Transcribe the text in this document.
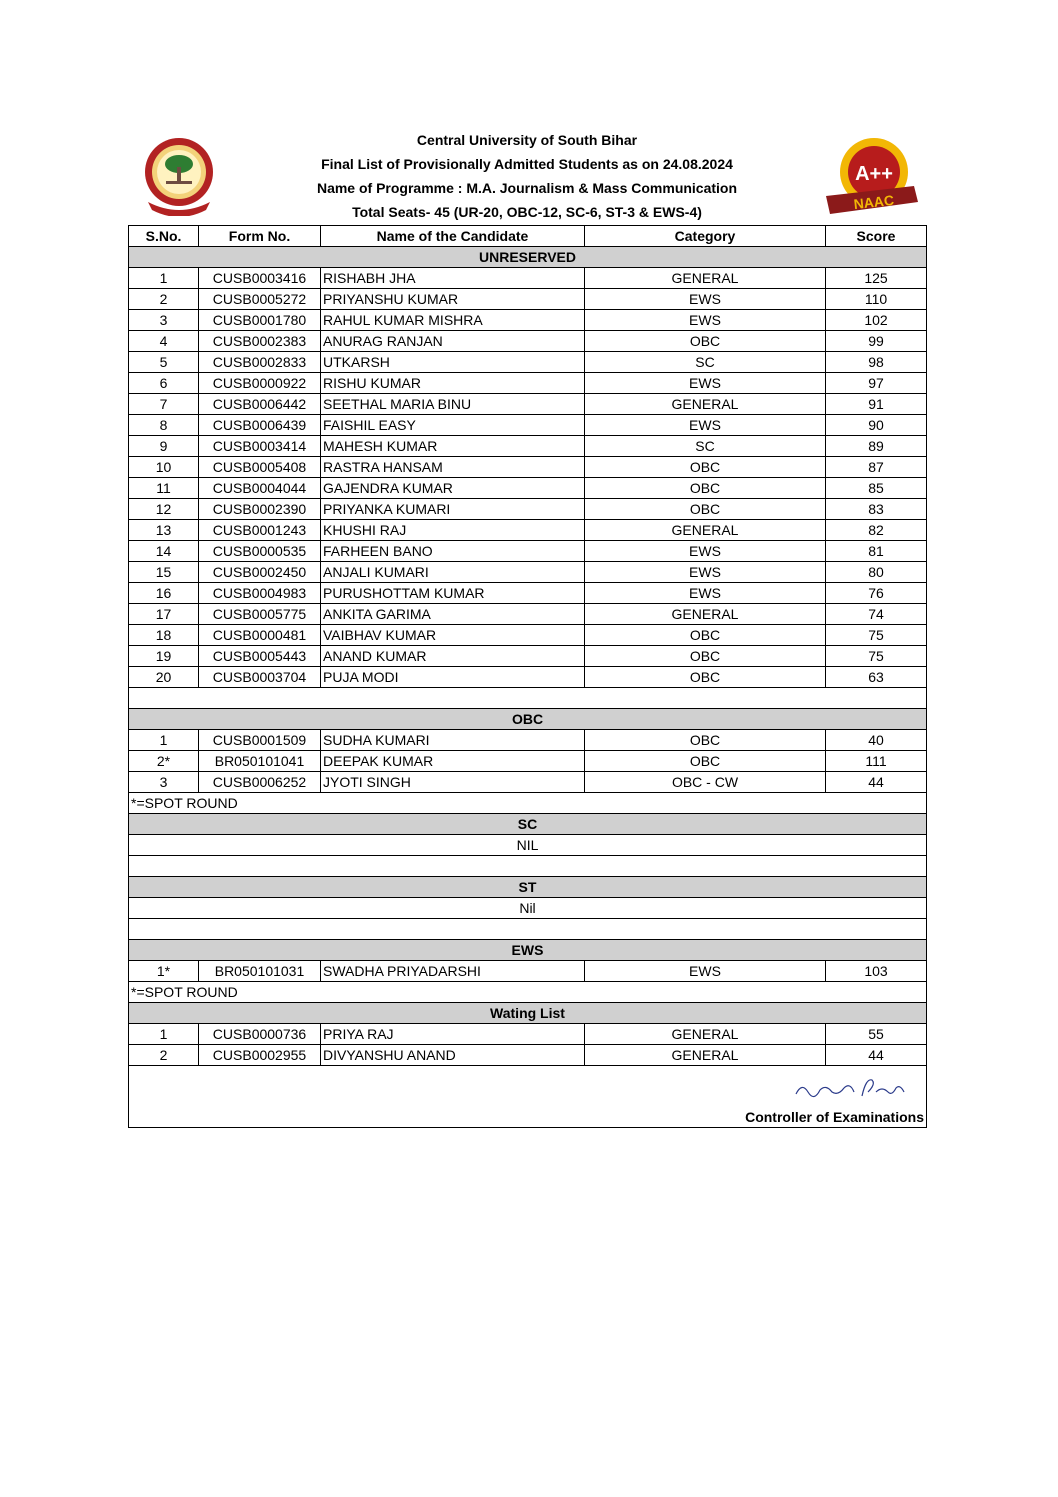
Central University of South Bihar
Final List of Provisionally Admitted Students as on 24.08.2024
Name of Programme : M.A. Journalism & Mass Communication
Total Seats- 45 (UR-20, OBC-12, SC-6, ST-3 & EWS-4)
A++
NAAC
S.No.	Form No.	Name of the Candidate	Category	Score
UNRESERVED				
1	CUSB0003416	RISHABH JHA	GENERAL	125
2	CUSB0005272	PRIYANSHU KUMAR	EWS	110
3	CUSB0001780	RAHUL KUMAR MISHRA	EWS	102
4	CUSB0002383	ANURAG RANJAN	OBC	99
5	CUSB0002833	UTKARSH	SC	98
6	CUSB0000922	RISHU KUMAR	EWS	97
7	CUSB0006442	SEETHAL MARIA BINU	GENERAL	91
8	CUSB0006439	FAISHIL EASY	EWS	90
9	CUSB0003414	MAHESH KUMAR	SC	89
10	CUSB0005408	RASTRA HANSAM	OBC	87
11	CUSB0004044	GAJENDRA KUMAR	OBC	85
12	CUSB0002390	PRIYANKA KUMARI	OBC	83
13	CUSB0001243	KHUSHI RAJ	GENERAL	82
14	CUSB0000535	FARHEEN BANO	EWS	81
15	CUSB0002450	ANJALI KUMARI	EWS	80
16	CUSB0004983	PURUSHOTTAM KUMAR	EWS	76
17	CUSB0005775	ANKITA GARIMA	GENERAL	74
18	CUSB0000481	VAIBHAV KUMAR	OBC	75
19	CUSB0005443	ANAND KUMAR	OBC	75
20	CUSB0003704	PUJA MODI	OBC	63

OBC				
1	CUSB0001509	SUDHA KUMARI	OBC	40
2*	BR050101041	DEEPAK KUMAR	OBC	111
3	CUSB0006252	JYOTI SINGH	OBC - CW	44
*=SPOT ROUND				
SC				
NIL				

ST				
Nil				

EWS				
1*	BR050101031	SWADHA PRIYADARSHI	EWS	103
*=SPOT ROUND				
Wating List				
1	CUSB0000736	PRIYA RAJ	GENERAL	55
2	CUSB0002955	DIVYANSHU ANAND	GENERAL	44

Controller of Examinations				
